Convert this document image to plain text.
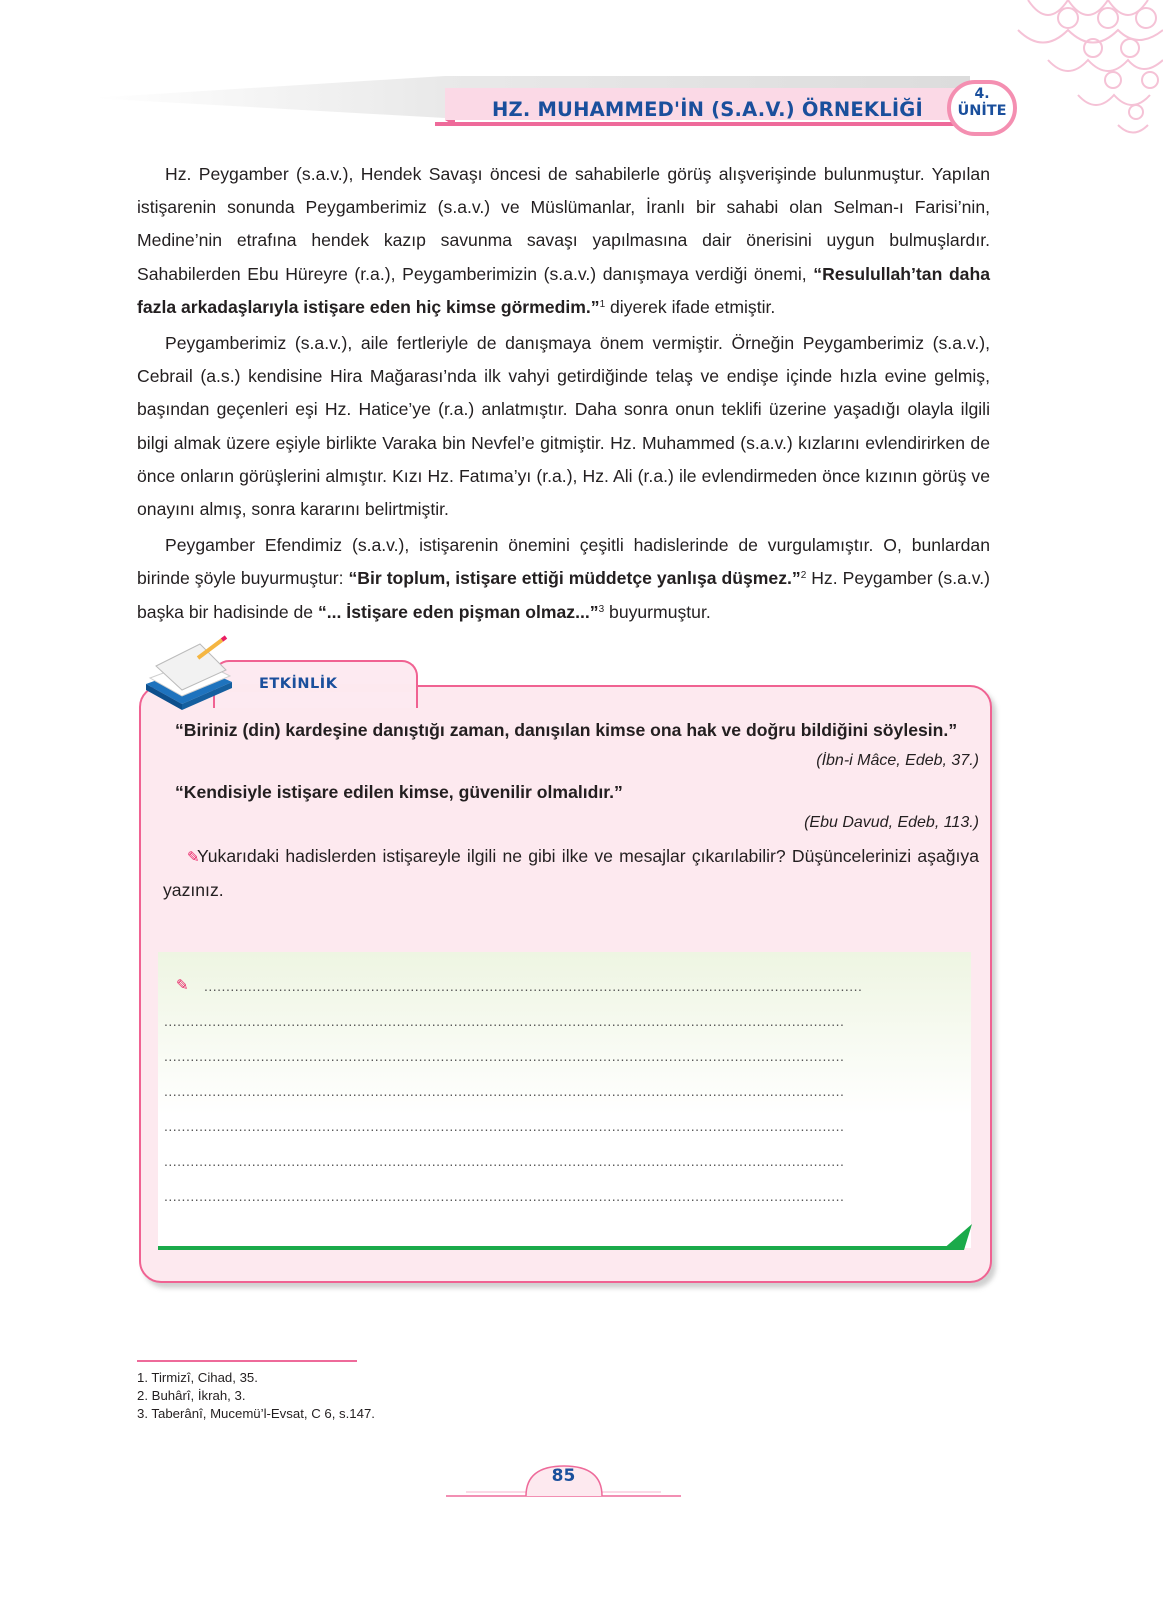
HZ. MUHAMMED'İN (S.A.V.) ÖRNEKLİĞİ
4.
ÜNİTE

Hz. Peygamber (s.a.v.), Hendek Savaşı öncesi de sahabilerle görüş alışverişinde bulunmuştur. Yapılan istişarenin sonunda Peygamberimiz (s.a.v.) ve Müslümanlar, İranlı bir sahabi olan Selman-ı Farisi’nin, Medine’nin etrafına hendek kazıp savunma savaşı yapılmasına dair önerisini uygun bulmuşlardır. Sahabilerden Ebu Hüreyre (r.a.), Peygamberimizin (s.a.v.) danışmaya verdiği önemi, “Resulullah’tan daha fazla arkadaşlarıyla istişare eden hiç kimse görmedim.”$^1$ diyerek ifade etmiştir.

Peygamberimiz (s.a.v.), aile fertleriyle de danışmaya önem vermiştir. Örneğin Peygamberimiz (s.a.v.), Cebrail (a.s.) kendisine Hira Mağarası’nda ilk vahyi getirdiğinde telaş ve endişe içinde hızla evine gelmiş, başından geçenleri eşi Hz. Hatice’ye (r.a.) anlatmıştır. Daha sonra onun teklifi üzerine yaşadığı olayla ilgili bilgi almak üzere eşiyle birlikte Varaka bin Nevfel’e gitmiştir. Hz. Muhammed (s.a.v.) kızlarını evlendirirken de önce onların görüşlerini almıştır. Kızı Hz. Fatıma’yı (r.a.), Hz. Ali (r.a.) ile evlendirmeden önce kızının görüş ve onayını almış, sonra kararını belirtmiştir.

Peygamber Efendimiz (s.a.v.), istişarenin önemini çeşitli hadislerinde de vurgulamıştır. O, bunlardan birinde şöyle buyurmuştur: “Bir toplum, istişare ettiği müddetçe yanlışa düşmez.”$^2$ Hz. Peygamber (s.a.v.) başka bir hadisinde de “... İstişare eden pişman olmaz...”$^3$ buyurmuştur.

ETKİNLİK

“Biriniz (din) kardeşine danıştığı zaman, danışılan kimse ona hak ve doğru bildiğini söylesin.”

(İbn-i Mâce, Edeb, 37.)

“Kendisiyle istişare edilen kimse, güvenilir olmalıdır.”

(Ebu Davud, Edeb, 113.)

✎Yukarıdaki hadislerden istişareyle ilgili ne gibi ilke ve mesajlar çıkarılabilir? Düşüncelerinizi aşağıya yazınız.

✎	......................................................................................................................................................
...........................................................................................................................................................
...........................................................................................................................................................
...........................................................................................................................................................
...........................................................................................................................................................
...........................................................................................................................................................
...........................................................................................................................................................
1. Tirmizî, Cihad, 35.
2. Buhârî, İkrah, 3.
3. Taberânî, Mucemü’l-Evsat, C 6, s.147.
85
